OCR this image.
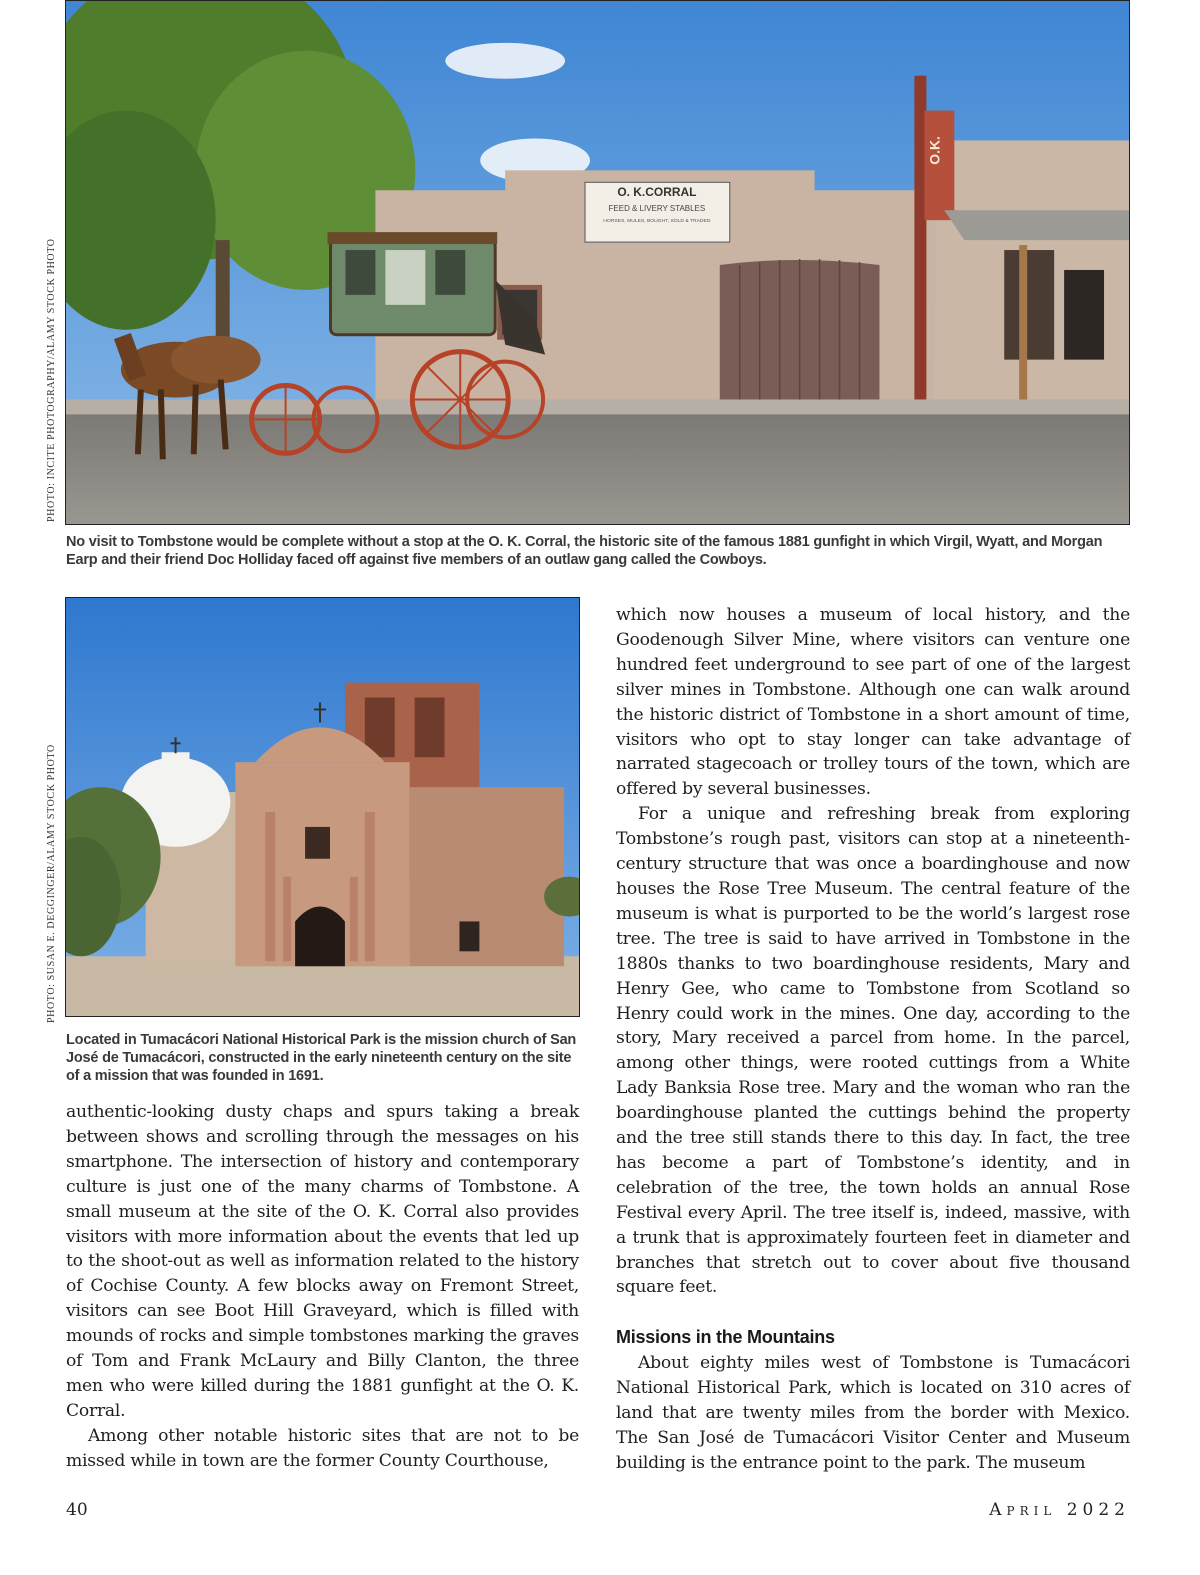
PHOTO: INCITE PHOTOGRAPHY/ALAMY STOCK PHOTO
PHOTO: SUSAN E. DEGGINGER/ALAMY STOCK PHOTO
O. K.CORRAL
FEED & LIVERY STABLES
HORSES, MULES, BOUGHT, SOLD & TRADED
O.K.
No visit to Tombstone would be complete without a stop at the O. K. Corral, the historic site of the famous 1881 gunfight in which Virgil, Wyatt, and Morgan Earp and their friend Doc Holliday faced off against five members of an outlaw gang called the Cowboys.
Located in Tumacácori National Historical Park is the mission church of San José de Tumacácori, constructed in the early nineteenth century on the site of a mission that was founded in 1691.

authentic-looking dusty chaps and spurs taking a break between shows and scrolling through the messages on his smartphone. The intersection of history and contemporary culture is just one of the many charms of Tombstone. A small museum at the site of the O. K. Corral also provides visitors with more information about the events that led up to the shoot-out as well as information related to the history of Cochise County. A few blocks away on Fremont Street, visitors can see Boot Hill Graveyard, which is filled with mounds of rocks and simple tombstones marking the graves of Tom and Frank McLaury and Billy Clanton, the three men who were killed during the 1881 gunfight at the O. K. Corral.

Among other notable historic sites that are not to be missed while in town are the former County Courthouse,

which now houses a museum of local history, and the Goodenough Silver Mine, where visitors can venture one hundred feet underground to see part of one of the largest silver mines in Tombstone. Although one can walk around the historic district of Tombstone in a short amount of time, visitors who opt to stay longer can take advantage of narrated stagecoach or trolley tours of the town, which are offered by several businesses.

For a unique and refreshing break from exploring Tombstone’s rough past, visitors can stop at a nineteenth-century structure that was once a boardinghouse and now houses the Rose Tree Museum. The central feature of the museum is what is purported to be the world’s largest rose tree. The tree is said to have arrived in Tombstone in the 1880s thanks to two boardinghouse residents, Mary and Henry Gee, who came to Tombstone from Scotland so Henry could work in the mines. One day, according to the story, Mary received a parcel from home. In the parcel, among other things, were rooted cuttings from a White Lady Banksia Rose tree. Mary and the woman who ran the boardinghouse planted the cuttings behind the property and the tree still stands there to this day. In fact, the tree has become a part of Tombstone’s identity, and in celebration of the tree, the town holds an annual Rose Festival every April. The tree itself is, indeed, massive, with a trunk that is approximately fourteen feet in diameter and branches that stretch out to cover about five thousand square feet.

Missions in the Mountains

About eighty miles west of Tombstone is Tumacácori National Historical Park, which is located on 310 acres of land that are twenty miles from the border with Mexico. The San José de Tumacácori Visitor Center and Museum building is the entrance point to the park. The museum

40	April 2022
